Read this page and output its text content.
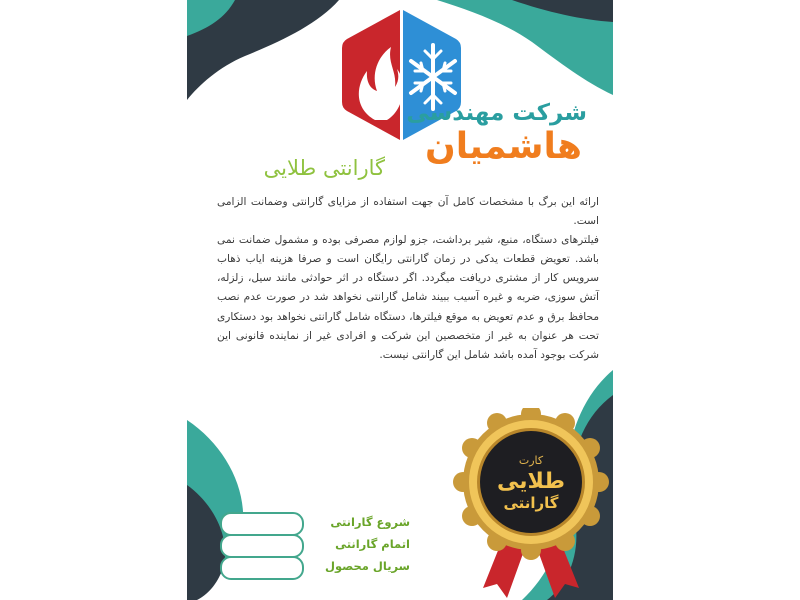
شرکت مهندسی
هاشمیان
گارانتی طلایی

ارائه این برگ با مشخصات کامل آن جهت استفاده از مزایای گارانتی وضمانت الزامی است.

فیلترهای دستگاه، منبع، شیر برداشت، جزو لوازم مصرفی بوده و مشمول ضمانت نمی باشد. تعویض قطعات یدکی در زمان گارانتی رایگان است و صرفا هزینه ایاب ذهاب سرویس کار از مشتری دریافت میگردد. اگر دستگاه در اثر حوادثی مانند سیل، زلزله، آتش سوزی، ضربه و غیره آسیب ببیند شامل گارانتی نخواهد شد در صورت عدم نصب محافظ برق و عدم تعویض به موقع فیلترها، دستگاه شامل گارانتی نخواهد بود دستکاری تحت هر عنوان به غیر از متخصصین این شرکت و افرادی غیر از نماینده قانونی این شرکت بوجود آمده باشد شامل این گارانتی نیست.

کارت
طلایی
گارانتی
شروع گارانتی
اتمام گارانتی
سریال محصول
